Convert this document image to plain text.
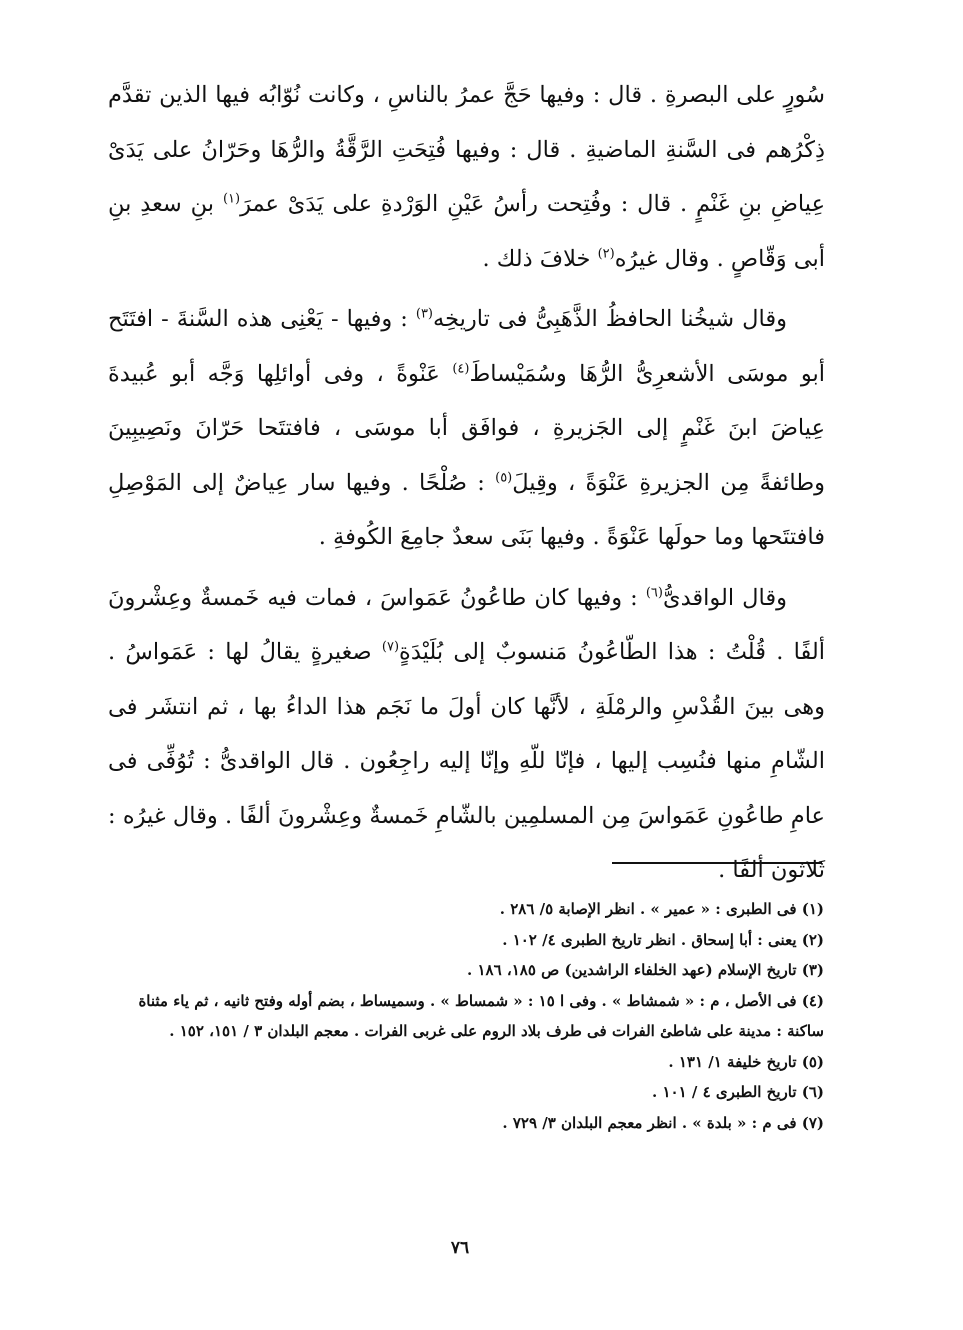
سُورٍ على البصرةِ . قال : وفيها حَجَّ عمرُ بالناسِ ، وكانت نُوّابُه فيها الذين تقدَّم ذِكْرُهم فى السَّنةِ الماضيةِ . قال : وفيها فُتِحَتِ الرَّقَّةُ والرُّهَا وحَرّانُ على يَدَىْ عِياضِ بنِ غَنْمٍ . قال : وفُتِحت رأسُ عَيْنِ الوَرْدةِ على يَدَىْ عمرَ$^{(١)}$ بنِ سعدِ بنِ أبى وَقّاصٍ . وقال غيرُه$^{(٢)}$ خلافَ ذلك .

وقال شيخُنا الحافظُ الذَّهَبِىُّ فى تاريخِه$^{(٣)}$ : وفيها - يَعْنِى هذه السَّنةَ - افتَتَح أبو موسَى الأشعرِىُّ الرُّهَا وسُمَيْساطَ$^{(٤)}$ عَنْوةً ، وفى أوائلِها وَجَّه أبو عُبيدةَ عِياضَ ابنَ غَنْمٍ إلى الجَزيرةِ ، فوافَق أبا موسَى ، فافتتَحا حَرّانَ ونَصِيبِينَ وطائفةً مِن الجزيرةِ عَنْوَةً ، وقِيلَ$^{(٥)}$ : صُلْحًا . وفيها سار عِياضٌ إلى المَوْصِلِ فافتتَحها وما حولَها عَنْوَةً . وفيها بَنَى سعدٌ جامِعَ الكُوفةِ .

وقال الواقدىُّ$^{(٦)}$ : وفيها كان طاعُونُ عَمَواسَ ، فمات فيه خَمسةٌ وعِشْرونَ ألفًا . قُلْتُ : هذا الطّاعُونُ مَنسوبٌ إلى بُلَيْدَةٍ$^{(٧)}$ صغيرةٍ يقالُ لها : عَمَواسُ . وهى بينَ القُدْسِ والرمْلَةِ ، لأنَّها كان أولَ ما نَجَم هذا الداءُ بها ، ثم انتشَر فى الشّامِ منها فنُسِب إليها ، فإنّا للّهِ وإنّا إليه راجِعُون . قال الواقدىُّ : تُوُفِّى فى عامِ طاعُونِ عَمَواسَ مِن المسلمِين بالشّامِ خَمسةٌ وعِشْرونَ ألفًا . وقال غيرُه : ثَلاثون ألفًا .

(١) فى الطبرى : « عمير » . انظر الإصابة ٥/ ٢٨٦ .

(٢) يعنى : أبا إسحاق . انظر تاريخ الطبرى ٤/ ١٠٢ .

(٣) تاريخ الإسلام (عهد الخلفاء الراشدين) ص ١٨٥، ١٨٦ .

(٤) فى الأصل ، م : « شمشاط » . وفى ا ١٥ : « شمساط » . وسميساط ، بضم أوله وفتح ثانيه ، ثم ياء مثناة ساكنة : مدينة على شاطئ الفرات فى طرف بلاد الروم على غربى الفرات . معجم البلدان ٣ / ١٥١، ١٥٢ .

(٥) تاريخ خليفة ١/ ١٣١ .

(٦) تاريخ الطبرى ٤ / ١٠١ .

(٧) فى م : « بلدة » . انظر معجم البلدان ٣/ ٧٢٩ .

٧٦
